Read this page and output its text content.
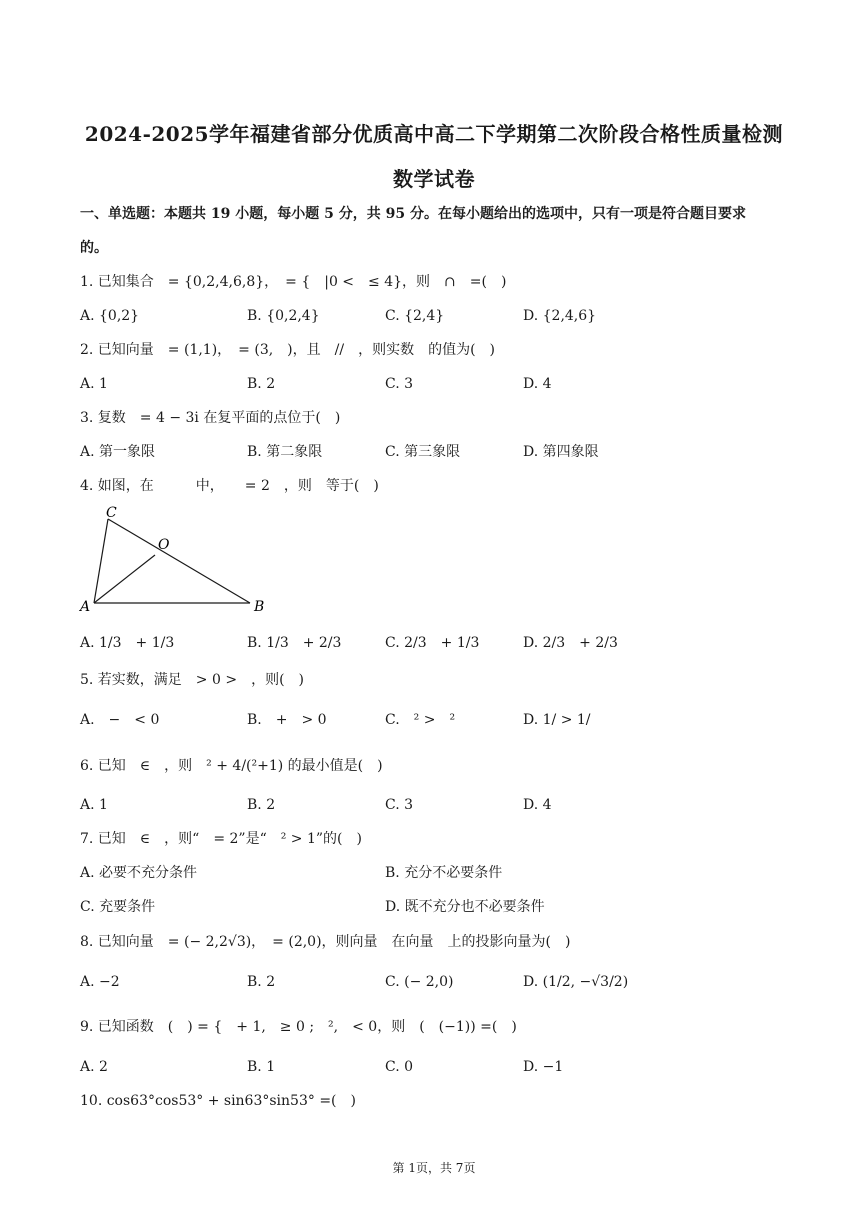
2024-2025学年福建省部分优质高中高二下学期第二次阶段合格性质量检测
数学试卷
一、单选题：本题共 19 小题，每小题 5 分，共 95 分。在每小题给出的选项中，只有一项是符合题目要求
的。
1. 已知集合　= {0,2,4,6,8}，　= {　|0 <　≤ 4}，则　∩　=(　)
A. {0,2}	B. {0,2,4}	C. {2,4}	D. {2,4,6}
2. 已知向量　= (1,1)，　= (3,　)，且　//　，则实数　的值为(　)
A. 1	B. 2	C. 3	D. 4
3. 复数　= 4 − 3i 在复平面的点位于(　)
A. 第一象限	B. 第二象限	C. 第三象限	D. 第四象限
4. 如图，在　　　中，　　= 2　，则　等于(　)
A	B
C
O
A. 1/3　+ 1/3	B. 1/3　+ 2/3	C. 2/3　+ 1/3	D. 2/3　+ 2/3
5. 若实数，满足　> 0 >　，则(　)
A.　−　< 0	B.　+　> 0	C.　² >　²	D. 1/ > 1/
6. 已知　∈　，则　² + 4/(²+1) 的最小值是(　)
A. 1	B. 2	C. 3	D. 4
7. 已知　∈　，则“　= 2”是“　² > 1”的(　)
A. 必要不充分条件	B. 充分不必要条件
C. 充要条件	D. 既不充分也不必要条件
8. 已知向量　= (− 2,2√3)，　= (2,0)，则向量　在向量　上的投影向量为(　)
A. −2	B. 2	C. (− 2,0)	D. (1/2, −√3/2)
9. 已知函数　(　) = {　+ 1,　≥ 0 ;　²,　< 0，则　(　(−1)) =(　)
A. 2	B. 1	C. 0	D. −1
10. cos63°cos53° + sin63°sin53° =(　)
第 1页，共 7页
